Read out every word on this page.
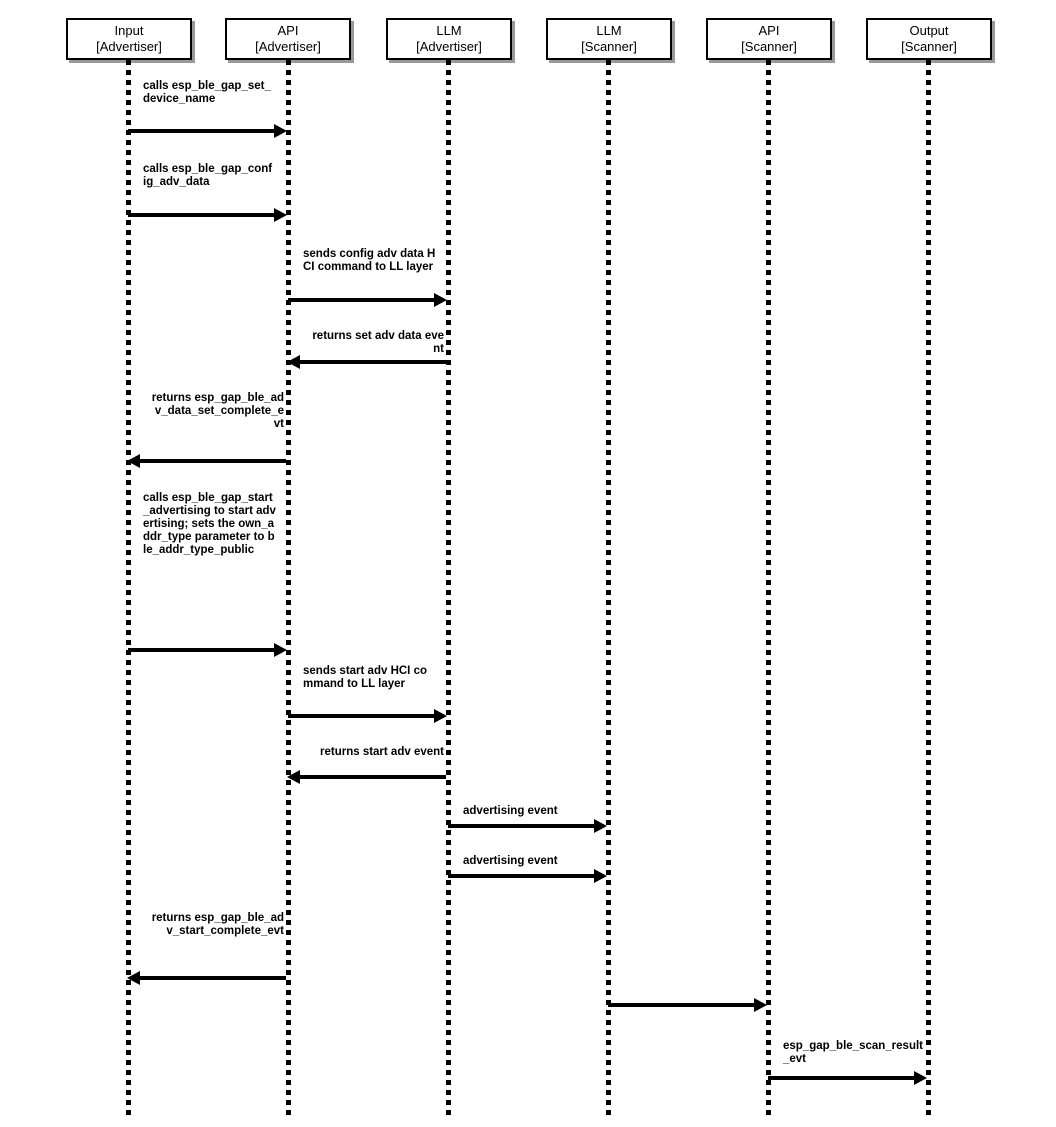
Input
[Advertiser]
API
[Advertiser]
LLM
[Advertiser]
LLM
[Scanner]
API
[Scanner]
Output
[Scanner]
calls esp_ble_gap_set_device_name
calls esp_ble_gap_config_adv_data
sends config adv data HCI command to LL layer
returns set adv data event
returns esp_gap_ble_adv_data_set_complete_evt
calls esp_ble_gap_start_advertising to start advertising; sets the own_addr_type parameter to ble_addr_type_public
sends start adv HCI command to LL layer
returns start adv event
advertising event
advertising event
returns esp_gap_ble_adv_start_complete_evt
esp_gap_ble_scan_result_evt
